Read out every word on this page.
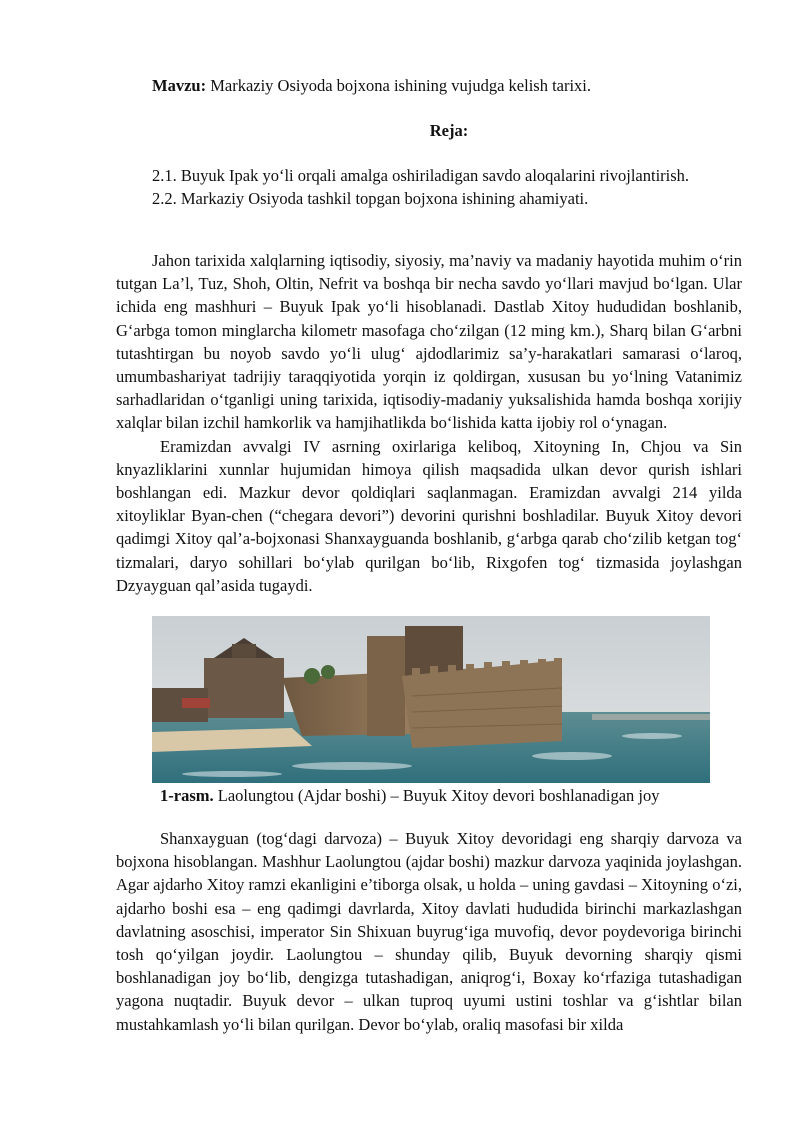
Mavzu: Markaziy Osiyoda bojxona ishining vujudga kelish tarixi.
Reja:

2.1. Buyuk Ipak yo‘li orqali amalga oshiriladigan savdo aloqalarini rivojlantirish.

2.2. Markaziy Osiyoda tashkil topgan bojxona ishining ahamiyati.

Jahon tarixida xalqlarning iqtisodiy, siyosiy, ma’naviy va madaniy hayotida muhim o‘rin tutgan La’l, Tuz, Shoh, Oltin, Nefrit va boshqa bir necha savdo yo‘llari mavjud bo‘lgan. Ular ichida eng mashhuri – Buyuk Ipak yo‘li hisoblanadi. Dastlab Xitoy hududidan boshlanib, G‘arbga tomon minglarcha kilometr masofaga cho‘zilgan (12 ming km.), Sharq bilan G‘arbni tutashtirgan bu noyob savdo yo‘li ulug‘ ajdodlarimiz sa’y-harakatlari samarasi o‘laroq, umumbashariyat tadrijiy taraqqiyotida yorqin iz qoldirgan, xususan bu yo‘lning Vatanimiz sarhadlaridan o‘tganligi uning tarixida, iqtisodiy-madaniy yuksalishida hamda boshqa xorijiy xalqlar bilan izchil hamkorlik va hamjihatlikda bo‘lishida katta ijobiy rol o‘ynagan.

Eramizdan avvalgi IV asrning oxirlariga keliboq, Xitoyning In, Chjou va Sin knyazliklarini xunnlar hujumidan himoya qilish maqsadida ulkan devor qurish ishlari boshlangan edi. Mazkur devor qoldiqlari saqlanmagan. Eramizdan avvalgi 214 yilda xitoyliklar Byan-chen (“chegara devori”) devorini qurishni boshladilar. Buyuk Xitoy devori qadimgi Xitoy qal’a-bojxonasi Shanxayguanda boshlanib, g‘arbga qarab cho‘zilib ketgan tog‘ tizmalari, daryo sohillari bo‘ylab qurilgan bo‘lib, Rixgofen tog‘ tizmasida joylashgan Dzyayguan qal’asida tugaydi.

Shanxayguan (tog‘dagi darvoza) – Buyuk Xitoy devoridagi eng sharqiy darvoza va bojxona hisoblangan. Mashhur Laolungtou (ajdar boshi) mazkur darvoza yaqinida joylashgan. Agar ajdarho Xitoy ramzi ekanligini e’tiborga olsak, u holda – uning gavdasi – Xitoyning o‘zi, ajdarho boshi esa – eng qadimgi davrlarda, Xitoy davlati hududida birinchi markazlashgan davlatning asoschisi, imperator Sin Shixuan buyrug‘iga muvofiq, devor poydevoriga birinchi tosh qo‘yilgan joydir. Laolungtou – shunday qilib, Buyuk devorning sharqiy qismi boshlanadigan joy bo‘lib, dengizga tutashadigan, aniqrog‘i, Boxay ko‘rfaziga tutashadigan yagona nuqtadir. Buyuk devor – ulkan tuproq uyumi ustini toshlar va g‘ishtlar bilan mustahkamlash yo‘li bilan qurilgan. Devor bo‘ylab, oraliq masofasi bir xilda

1-rasm. Laolungtou (Ajdar boshi) – Buyuk Xitoy devori boshlanadigan joy
